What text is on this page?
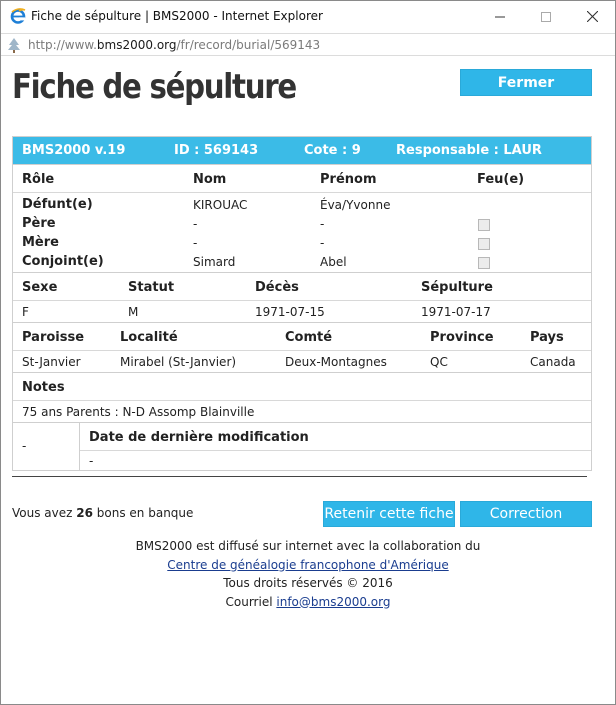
Fiche de sépulture | BMS2000 - Internet Explorer
http://www.bms2000.org/fr/record/burial/569143
Fiche de sépulture	Fermer
BMS2000 v.19	ID : 569143	Cote : 9	Responsable : LAUR
Rôle	Nom	Prénom	Feu(e)
Défunt(e)	KIROUAC	Éva/Yvonne
Père	-	-
Mère	-	-
Conjoint(e)	Simard	Abel
Sexe	Statut	Décès	Sépulture
F	M	1971-07-15	1971-07-17
Paroisse	Localité	Comté	Province	Pays
St-Janvier	Mirabel (St-Janvier)	Deux-Montagnes	QC	Canada
Notes
75 ans Parents : N-D Assomp Blainville
-
Date de dernière modification
-
Vous avez 26 bons en banque	Retenir cette fiche	Correction
BMS2000 est diffusé sur internet avec la collaboration du
Centre de généalogie francophone d'Amérique
Tous droits réservés © 2016
Courriel info@bms2000.org
